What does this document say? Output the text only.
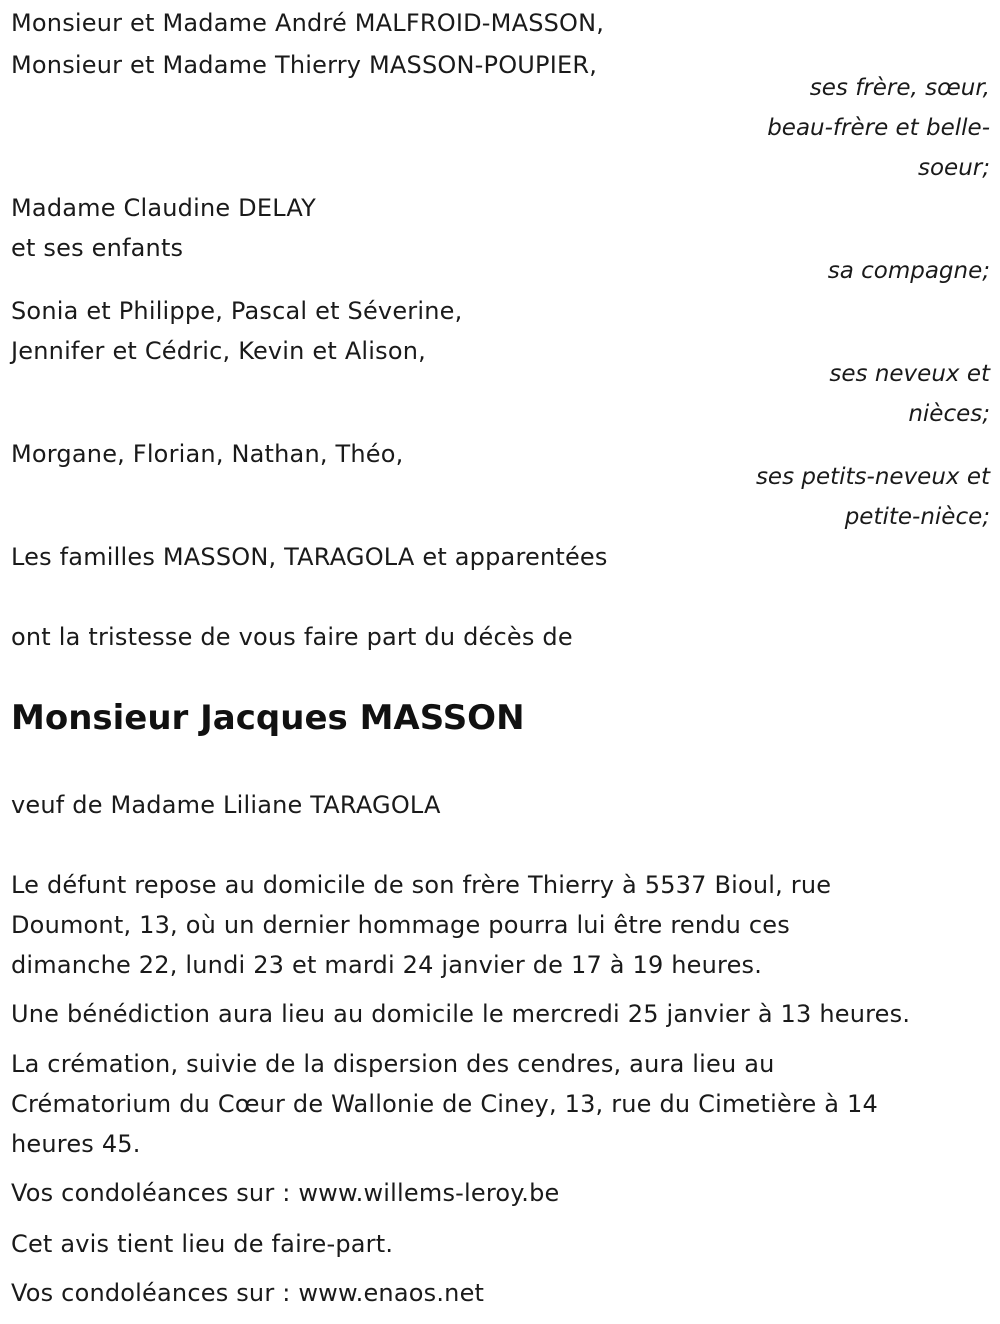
Monsieur et Madame André MALFROID-MASSON,
Monsieur et Madame Thierry MASSON-POUPIER,
ses frère, sœur,
beau-frère et belle-
soeur;
Madame Claudine DELAY
et ses enfants
sa compagne;
Sonia et Philippe, Pascal et Séverine,
Jennifer et Cédric, Kevin et Alison,
ses neveux et
nièces;
Morgane, Florian, Nathan, Théo,
ses petits-neveux et
petite-nièce;
Les familles MASSON, TARAGOLA et apparentées
ont la tristesse de vous faire part du décès de
Monsieur Jacques MASSON
veuf de Madame Liliane TARAGOLA
Le défunt repose au domicile de son frère Thierry à 5537 Bioul, rue
Doumont, 13, où un dernier hommage pourra lui être rendu ces
dimanche 22, lundi 23 et mardi 24 janvier de 17 à 19 heures.
Une bénédiction aura lieu au domicile le mercredi 25 janvier à 13 heures.
La crémation, suivie de la dispersion des cendres, aura lieu au
Crématorium du Cœur de Wallonie de Ciney, 13, rue du Cimetière à 14
heures 45.
Vos condoléances sur : www.willems-leroy.be
Cet avis tient lieu de faire-part.
Vos condoléances sur : www.enaos.net
